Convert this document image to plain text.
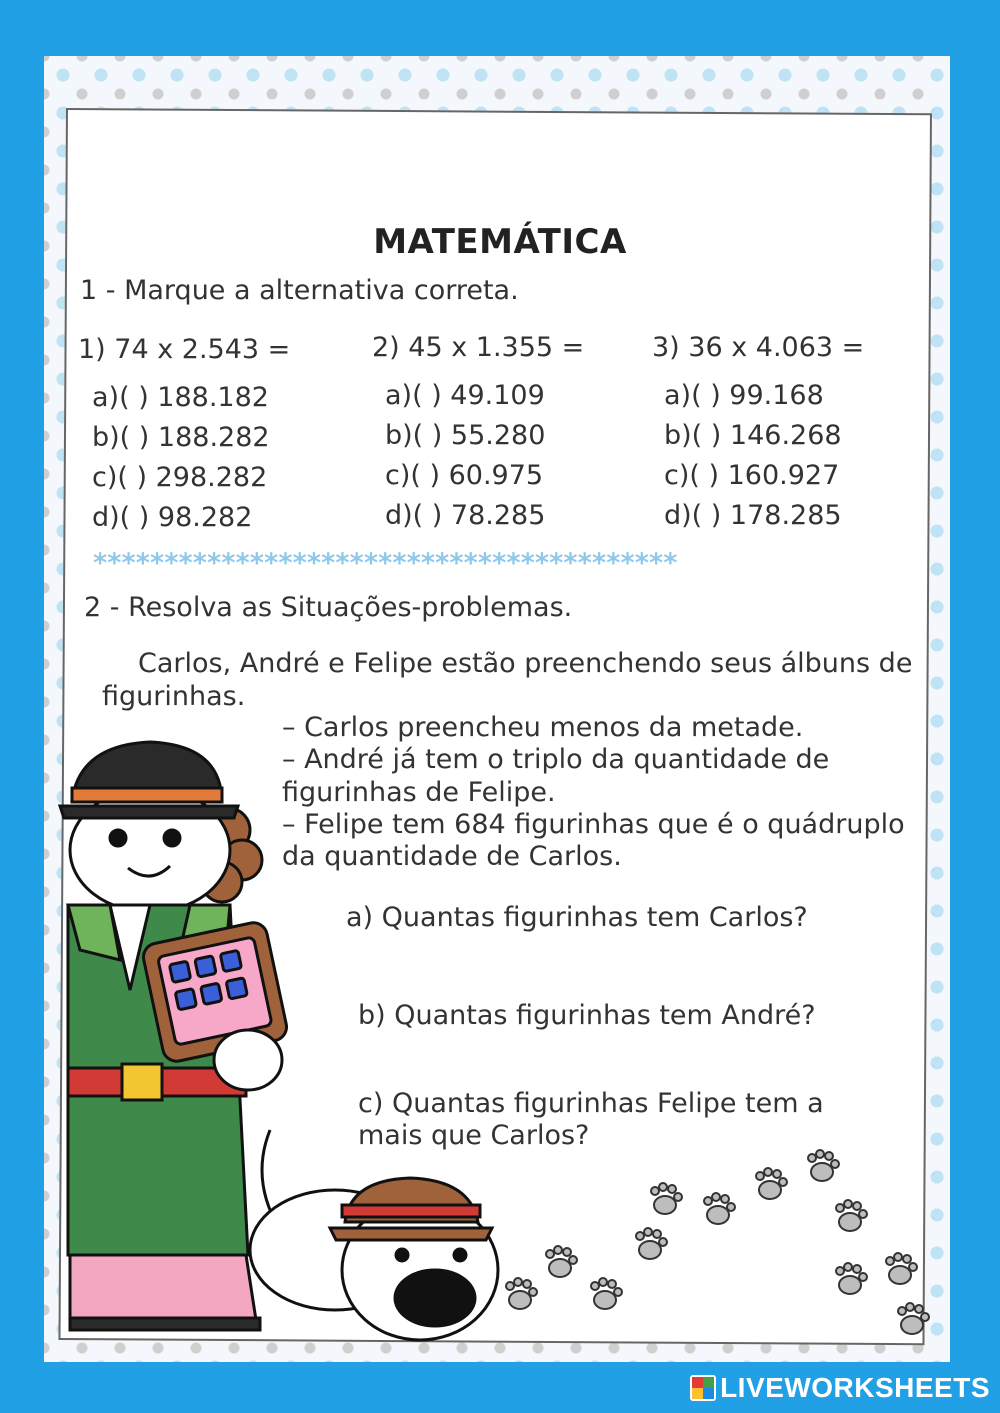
MATEMÁTICA
1 - Marque a alternativa correta.
1) 74 x 2.543 =
a)( ) 188.182
b)( ) 188.282
c)( ) 298.282
d)( ) 98.282
2) 45 x 1.355 =
a)( ) 49.109
b)( ) 55.280
c)( ) 60.975
d)( ) 78.285
3) 36 x 4.063 =
a)( ) 99.168
b)( ) 146.268
c)( ) 160.927
d)( ) 178.285
*****************************************
2 - Resolva as Situações-problemas.
Carlos, André e Felipe estão preenchendo seus álbuns de
figurinhas.
– Carlos preencheu menos da metade.
– André já tem o triplo da quantidade de
figurinhas de Felipe.
– Felipe tem 684 figurinhas que é o quádruplo
da quantidade de Carlos.
a) Quantas figurinhas tem Carlos?
b) Quantas figurinhas tem André?
c) Quantas figurinhas Felipe tem a
mais que Carlos?
LIVEWORKSHEETS
